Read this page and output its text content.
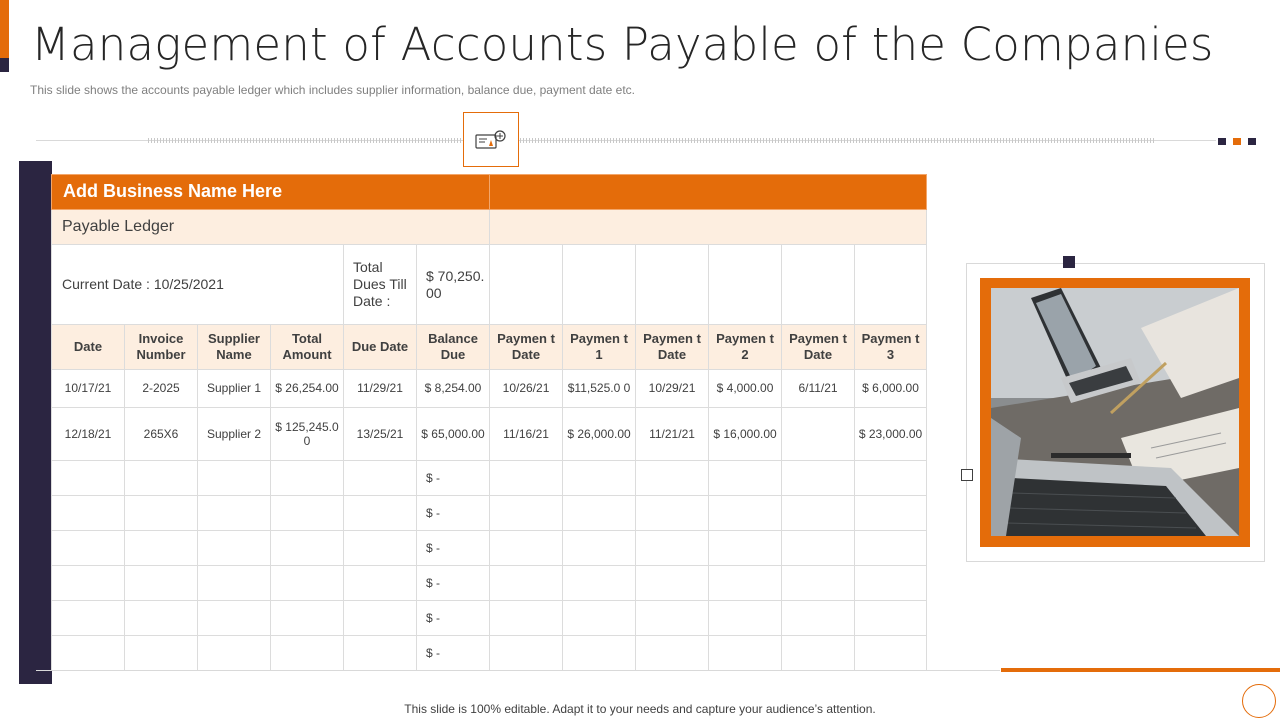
Management of Accounts Payable of the Companies

This slide shows the accounts payable ledger which includes supplier information, balance due, payment date etc.

Add Business Name Here											
Payable Ledger											
Current Date : 10/25/2021				Total Dues Till Date :	$ 70,250. 00						
Date	Invoice Number	Supplier Name	Total Amount	Due Date	Balance Due	Paymen t Date	Paymen t 1	Paymen t Date	Paymen t 2	Paymen t Date	Paymen t 3
10/17/21	2-2025	Supplier 1	$ 26,254.00	11/29/21	$ 8,254.00	10/26/21	$11,525.0 0	10/29/21	$ 4,000.00	6/11/21	$ 6,000.00
12/18/21	265X6	Supplier 2	$ 125,245.0 0	13/25/21	$ 65,000.00	11/16/21	$ 26,000.00	11/21/21	$ 16,000.00		$ 23,000.00
					$ -						
					$ -						
					$ -						
					$ -						
					$ -						
					$ -						
This slide is 100% editable. Adapt it to your needs and capture your audience’s attention.
